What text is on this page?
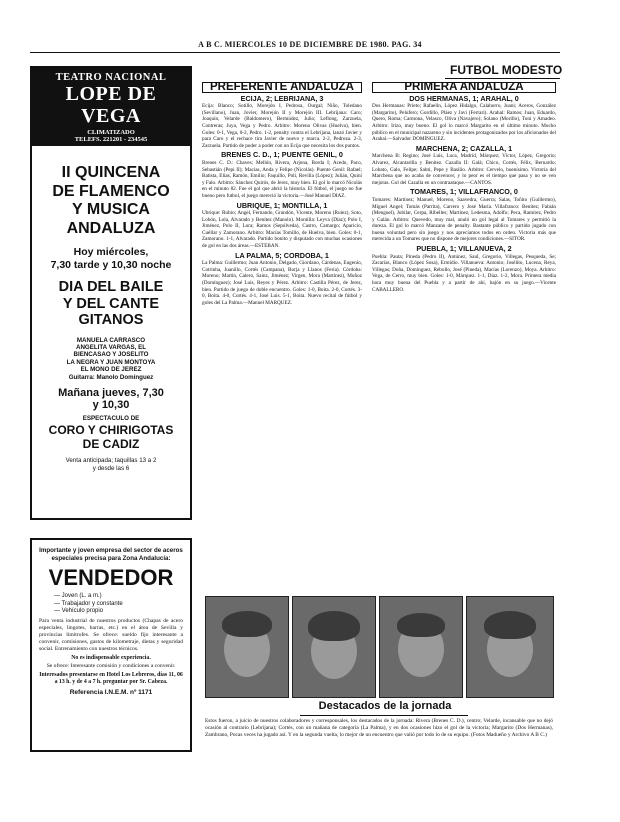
A B C. MIERCOLES 10 DE DICIEMBRE DE 1980. PAG. 34
FUTBOL MODESTO
TEATRO NACIONAL
LOPE DE VEGA
CLIMATIZADO
TELEFS. 221201 - 234545
II QUINCENA
DE FLAMENCO
Y MUSICA
ANDALUZA
Hoy miércoles,
7,30 tarde y 10,30 noche
DIA DEL BAILE
Y DEL CANTE
GITANOS
MANUELA CARRASCO
ANGELITA VARGAS, EL
BIENCASAO Y JOSELITO
LA NEGRA Y JUAN MONTOYA
EL MONO DE JEREZ
Guitarra: Manolo Domínguez
Mañana jueves, 7,30
y 10,30
ESPECTACULO DE
CORO Y CHIRIGOTAS
DE CADIZ
Venta anticipada; taquillas 13 a 2
y desde las 6
Importante y joven empresa del sector de aceros especiales precisa para Zona Andalucía:
VENDEDOR
— Joven (L. a m.)
— Trabajador y constante
— Vehículo propio
Para venta industrial de nuestros productos (Chapas de acero especiales, lingotes, barras, etc.) en el área de Sevilla y provincias limítrofes. Se ofrece: sueldo fijo interesante a convenir, comisiones, gastos de kilometraje, dietas y seguridad social. Entrenamiento con nuestros técnicos.
No es indispensable experiencia.
Se ofrece: Interesante comisión y condiciones a convenir.
Interesados presentarse en Hotel Los Lebreros, días 11, 06 a 13 h. y de 4 a 7 h. preguntar por Sr. Cabeza.
Referencia I.N.E.M. nº 1171
PREFERENTE ANDALUZA
ECIJA, 2; LEBRIJANA, 3

Ecija: Blanco; Sotillo, Morejón I, Pedrosa, Ourgal; Niño, Toledano (Sevillano), Juan, Jovier, Morejón II y Morejón III. Lebrijana: Caro; Joaquín, Velarde (Baldomero), Bermúdez, Julio; Leflong, Zarzuela, Contreras; Juya, Vega y Pedro. Arbitro: Moreno Olivas (Huelva), bien. Goles: 0-1, Vega, 0-2, Pedro. 1-2, penalty contra el Lebrijana, lanzó Javier y para Caro y el rechace tira Javier de nuevo y marca. 2-2, Pedroza. 2-3, Zarzuela. Partido de poder a poder con un Ecija que necesita los dos puntos.

BRENES C. D., 1; PUENTE GENIL, 0

Brenes C. D.: Chaves; Mellón, Rivera, Arjona, Borda I; Acedo, Paco, Sebastián (Pepi II); Macías, Anda y Felipe (Nicolás). Puente Genil: Rafael; Batista, Elías, Ramón, Emilio; Faquillo, Poli, Revilla (López); Julián, Quini y Falo. Arbitro: Sánchez Quirós, de Jerez, muy bien. El gol lo marcó Nicolás en el minuto 82. Fue el gol que abrió la historia. El fútbol, el juego no fue bueno pero futbol, el juego mereció la victoria.—José Manuel DIAZ.

UBRIQUE, 1; MONTILLA, 1

Ubrique: Rubio; Angel, Fernando, Grandón, Vicente, Moreno (Ruíez), Soto, Lobón, Lola, Alvarado y Benítez (Manolo). Montilla: Leyva (Díaz); Polo I, Jiménez, Polo II, Lora; Ramos (Sepúlveda), Castro, Camargo; Aparicio, Cuéllar y Zamorano. Arbitro: Macías Tomillo, de Huelva, bien. Goles: 0-1, Zamorano. 1-1, Alvarado. Partido bonito y disputado con muchas ocasiones de gol en las dos áreas.—ESTEBAN.

LA PALMA, 5; CORDOBA, 1

La Palma: Guillermo; Juan Antonio, Delgado, Giordano, Cárdenas, Eugenio, Cotrinha, Juanillo, Cortés (Campana), Borja y Llanos (Feria). Córdoba: Moreno; Martín, Calero, Sainz, Jiménez; Virgen, Mora (Martínez), Muñoz (Domínguez); José Luis, Reyes y Pérez. Arbitro: Castilla Pérez, de Jerez, bien. Partido de juego de doble encuentro. Goles: 1-0, Boita. 2-0, Cortés. 3-0, Boita. 4-0, Cortés. 4-1, José Luis. 5-1, Boita. Nuevo recital de fútbol y goles del La Palma.—Manuel MARQUEZ.

PRIMERA ANDALUZA
DOS HERMANAS, 1; ARAHAL, 0

Dos Hermanas: Prieto; Rafaelín, López Hidalgo, Calahorro, Juani; Aceros, González (Margarito), Pelufero; Gordillo, Pláez y Javi (Ferrari). Arahal: Ramos; Juan, Eduardo, Quero, Roma; Carmona, Velasco, Oliva (Navajero); Solano (Morillo), Toni y Amadeo. Arbitro: Irizo, muy bueno. El gol lo marcó Margarito en el último minuto. Mucho público en el municipal nazareno y sin incidentes protagonizados por los aficionados del Arahal.—Salvador DOMINGUEZ.

MARCHENA, 2; CAZALLA, 1

Marchena B: Regino; José Luis, Luca, Madrid, Márquez; Víctor, López, Gregorio; Alvarez, Alcantarilla y Benítez. Cazalla II: Galá; Chico, Cortés, Félix, Bernardo; Lobato, Galo, Felipe; Sahti, Pepe y Basilio. Arbitro: Cervelo, buenísimo. Victoria del Marchena que no acaba de convencer, y lo peor es el tiempo que pasa y no se ven mejoras. Gol del Cazalla en un contraataque.—CANTOS.

TOMARES, 1; VILLAFRANCO, 0

Tomares: Martínez; Manuel, Moreno, Saavedra, Guerra; Salas, Toñito (Guillermo), Miguel Angel; Tomás (Parrita), Carrero y José María. Villafranco: Benítez; Fabián (Menguel), Jubilar, Cerpa, Ribelles; Martínez, Ledesma, Adolfo; Peca, Ramírez, Pedro y Galán. Arbitro: Quevedo, muy mal, anuló un gol legal al Tomares y permitió la dureza. El gol lo marcó Manzano de penalty. Bastante público y partido jugado con buena voluntad pero sin juego y nos apreciamos todos en orden. Victoria más que merecida a un Tomares que no dispone de mejores condiciones.—SITOR.

PUEBLA, 1; VILLANUEVA, 2

Puebla: Pauta; Pineda (Pedro II), Antúnez, Saul, Gregorio, Villegas, Pesqueda, Se; Zacarías, Blanco (López Sosa), Ermidio. Villanueva: Antonio; Josélito, Lucena, Reya, Villegas; Doña, Domínguez, Rebollo, José (Pineda), Macías (Lorenzo), Moya. Arbitro: Vega, de Cerro, muy bien. Goles: 1-0, Márquez. 1-1, Díaz. 1-2, Mora. Primera media hora muy buena del Puebla y a partir de ahí, bajón en su juego.—Vicente CABALLERO.

Destacados de la jornada
Estos fueron, a juicio de nuestros colaboradores y corresponsales, los destacados de la jornada: Rivera (Brenes C. D.), centro; Velarde, incansable que no dejó ocasión al contrario (Lebrijana); Cortés, con un mañana de categoría (La Palma), y en dos ocasiones hizo el gol de la victoria; Margarito (Dos Hermanas), Zambrano, Pocas veces ha jugado así. Y en la segunda vuelta, lo mejor de un encuentro que valió por todo lo de su equipo. (Fotos Madueño y Archivo A B C.)
